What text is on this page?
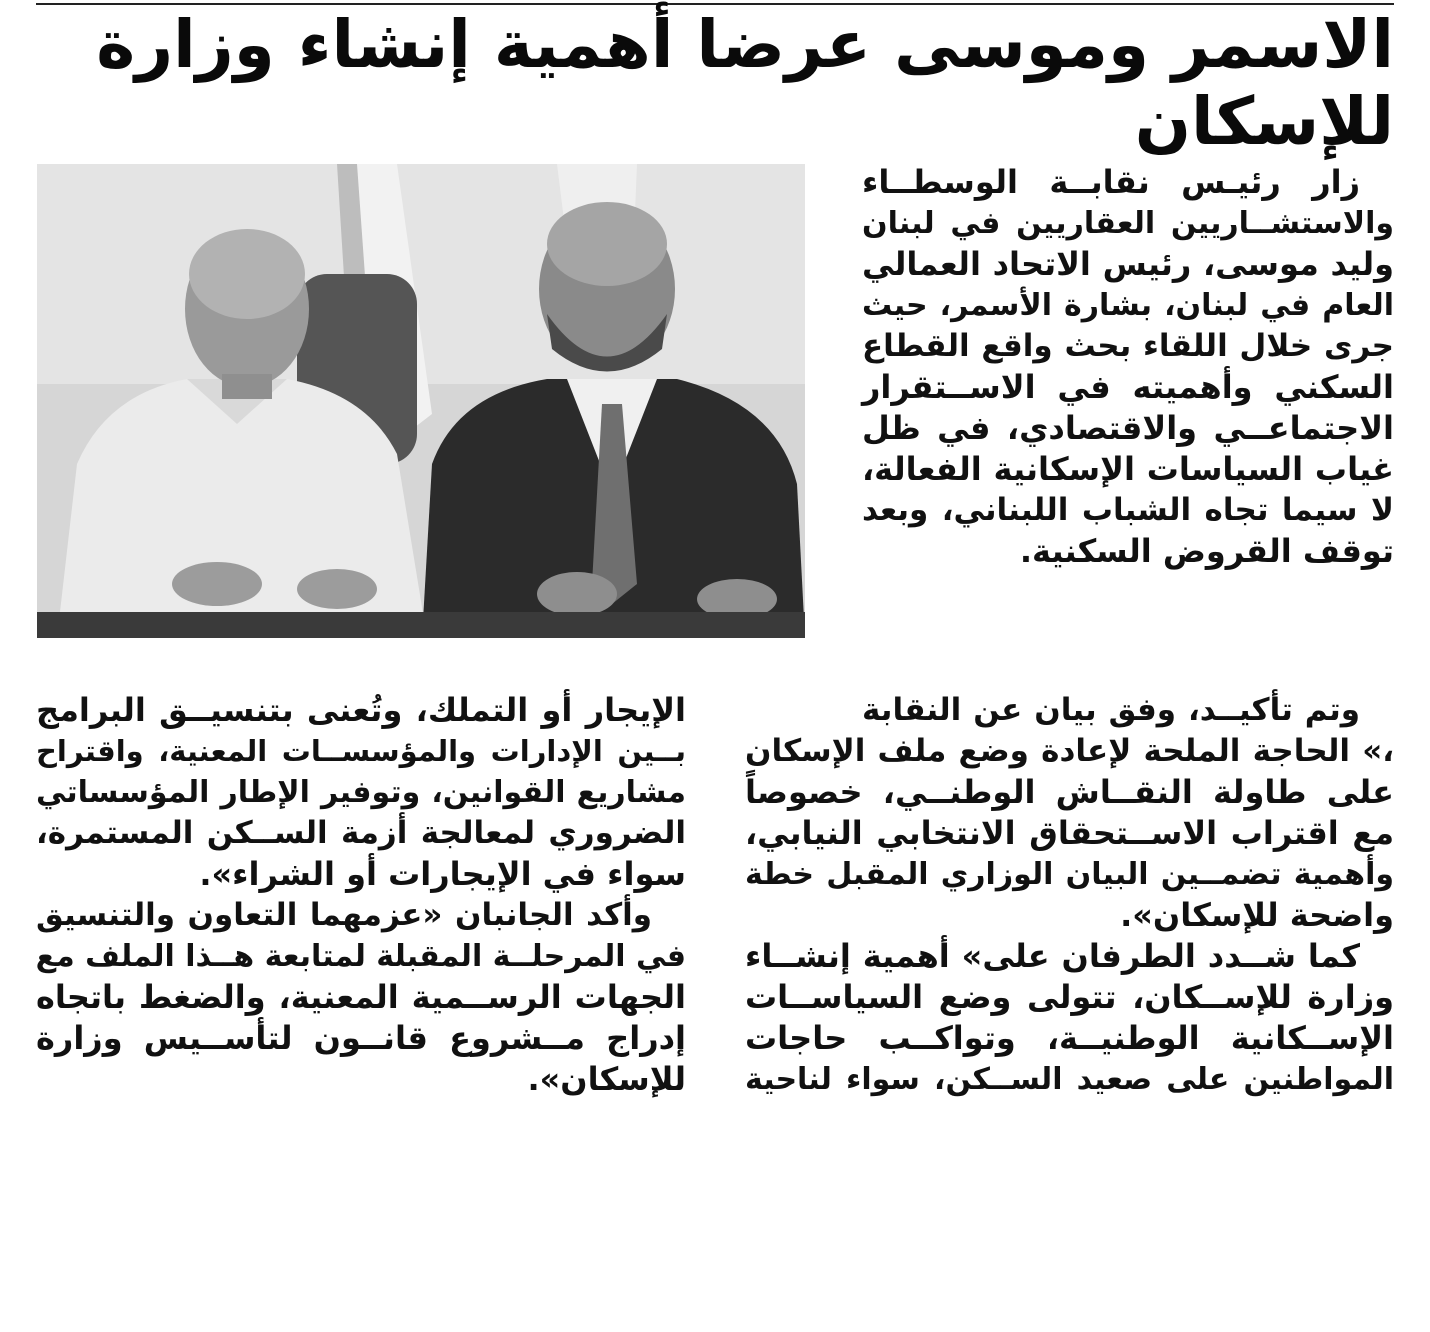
الاسمر وموسى عرضا أهمية إنشاء وزارة للإسكان
زار رئيـس نقابــة الوسطــاء
والاستشــاريين العقاريين في لبنان
وليد موسى، رئيس الاتحاد العمالي
العام في لبنان، بشارة الأسمر، حيث
جرى خلال اللقاء بحث واقع القطاع
السكني وأهميته في الاســتقرار
الاجتماعــي والاقتصادي، في ظل
غياب السياسات الإسكانية الفعالة،
لا سيما تجاه الشباب اللبناني، وبعد
توقف القروض السكنية.
وتم تأكيــد، وفق بيان عن النقابة
،» الحاجة الملحة لإعادة وضع ملف الإسكان
على طاولة النقــاش الوطنــي، خصوصاً
مع اقتراب الاســتحقاق الانتخابي النيابي،
وأهمية تضمــين البيان الوزاري المقبل خطة
واضحة للإسكان».
كما شــدد الطرفان على» أهمية إنشــاء
وزارة للإســكان، تتولى وضع السياســات
الإســكانية الوطنيــة، وتواكــب حاجات
المواطنين على صعيد الســكن، سواء لناحية
الإيجار أو التملك، وتُعنى بتنسيــق البرامج
بــين الإدارات والمؤسســات المعنية، واقتراح
مشاريع القوانين، وتوفير الإطار المؤسساتي
الضروري لمعالجة أزمة الســكن المستمرة،
سواء في الإيجارات أو الشراء».
وأكد الجانبان «عزمهما التعاون والتنسيق
في المرحلــة المقبلة لمتابعة هــذا الملف مع
الجهات الرســمية المعنية، والضغط باتجاه
إدراج مــشروع قانــون لتأســيس وزارة
للإسكان».
